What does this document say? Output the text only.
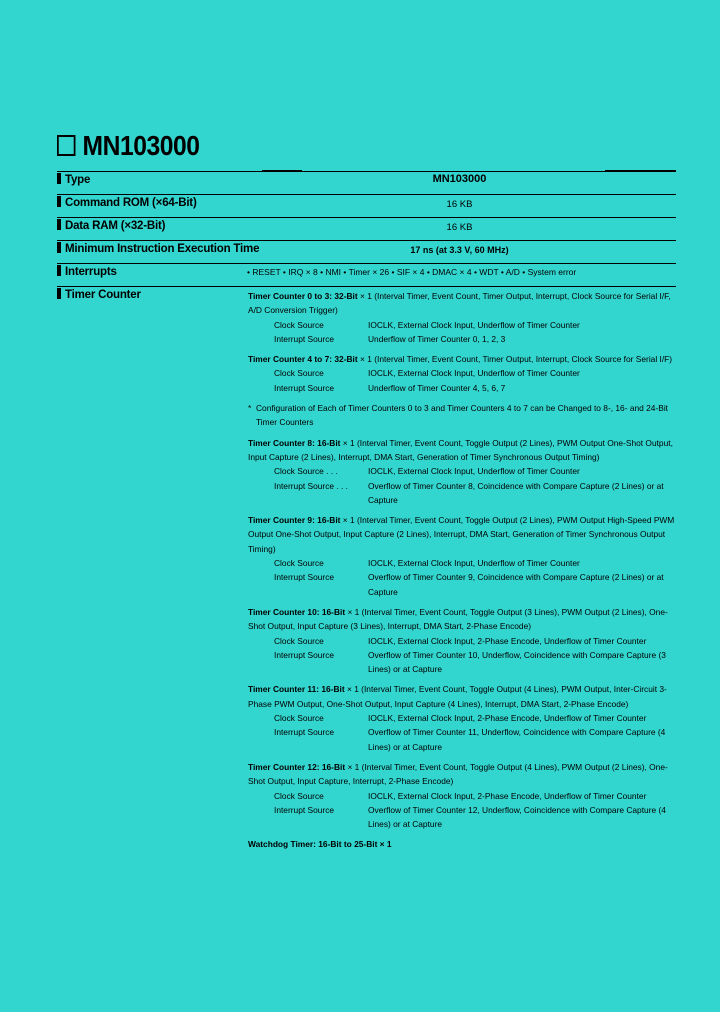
MN103000
Type	MN103000
Command ROM (×64-Bit)	16 KB
Data RAM (×32-Bit)	16 KB
Minimum Instruction Execution Time	17 ns (at 3.3 V, 60 MHz)
Interrupts	• RESET • IRQ × 8 • NMI • Timer × 26 • SIF × 4 • DMAC × 4 • WDT • A/D • System error
Timer Counter	Timer Counter 0 to 3: 32-Bit × 1 (Interval Timer, Event Count, Timer Output, Interrupt, Clock Source for Serial I/F, A/D Conversion Trigger)
Clock Source	IOCLK, External Clock Input, Underflow of Timer Counter
Interrupt Source	Underflow of Timer Counter 0, 1, 2, 3
Timer Counter 4 to 7: 32-Bit × 1 (Interval Timer, Event Count, Timer Output, Interrupt, Clock Source for Serial I/F)
Clock Source	IOCLK, External Clock Input, Underflow of Timer Counter
Interrupt Source	Underflow of Timer Counter 4, 5, 6, 7
* Configuration of Each of Timer Counters 0 to 3 and Timer Counters 4 to 7 can be Changed to 8-, 16- and 24-Bit Timer Counters
Timer Counter 8: 16-Bit × 1 (Interval Timer, Event Count, Toggle Output (2 Lines), PWM Output One-Shot Output, Input Capture (2 Lines), Interrupt, DMA Start, Generation of Timer Synchronous Output Timing)
Clock Source . . .	IOCLK, External Clock Input, Underflow of Timer Counter
Interrupt Source . . .	Overflow of Timer Counter 8, Coincidence with Compare Capture (2 Lines) or at Capture
Timer Counter 9: 16-Bit × 1 (Interval Timer, Event Count, Toggle Output (2 Lines), PWM Output High-Speed PWM Output One-Shot Output, Input Capture (2 Lines), Interrupt, DMA Start, Generation of Timer Synchronous Output Timing)
Clock Source	IOCLK, External Clock Input, Underflow of Timer Counter
Interrupt Source	Overflow of Timer Counter 9, Coincidence with Compare Capture (2 Lines) or at Capture
Timer Counter 10: 16-Bit × 1 (Interval Timer, Event Count, Toggle Output (3 Lines), PWM Output (2 Lines), One-Shot Output, Input Capture (3 Lines), Interrupt, DMA Start, 2-Phase Encode)
Clock Source	IOCLK, External Clock Input, 2-Phase Encode, Underflow of Timer Counter
Interrupt Source	Overflow of Timer Counter 10, Underflow, Coincidence with Compare Capture (3 Lines) or at Capture
Timer Counter 11: 16-Bit × 1 (Interval Timer, Event Count, Toggle Output (4 Lines), PWM Output, Inter-Circuit 3-Phase PWM Output, One-Shot Output, Input Capture (4 Lines), Interrupt, DMA Start, 2-Phase Encode)
Clock Source	IOCLK, External Clock Input, 2-Phase Encode, Underflow of Timer Counter
Interrupt Source	Overflow of Timer Counter 11, Underflow, Coincidence with Compare Capture (4 Lines) or at Capture
Timer Counter 12: 16-Bit × 1 (Interval Timer, Event Count, Toggle Output (4 Lines), PWM Output (2 Lines), One-Shot Output, Input Capture, Interrupt, 2-Phase Encode)
Clock Source	IOCLK, External Clock Input, 2-Phase Encode, Underflow of Timer Counter
Interrupt Source	Overflow of Timer Counter 12, Underflow, Coincidence with Compare Capture (4 Lines) or at Capture
Watchdog Timer: 16-Bit to 25-Bit × 1
